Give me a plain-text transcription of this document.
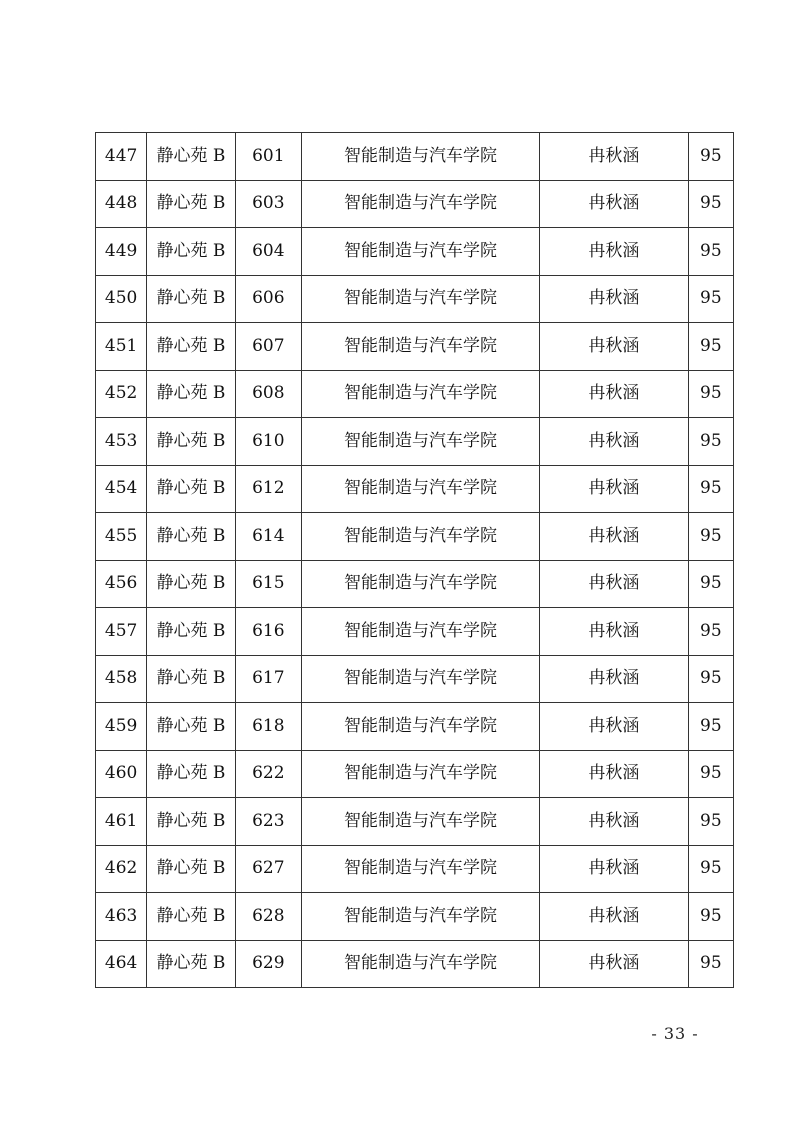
447	静心苑 B	601	智能制造与汽车学院	冉秋涵	95
448	静心苑 B	603	智能制造与汽车学院	冉秋涵	95
449	静心苑 B	604	智能制造与汽车学院	冉秋涵	95
450	静心苑 B	606	智能制造与汽车学院	冉秋涵	95
451	静心苑 B	607	智能制造与汽车学院	冉秋涵	95
452	静心苑 B	608	智能制造与汽车学院	冉秋涵	95
453	静心苑 B	610	智能制造与汽车学院	冉秋涵	95
454	静心苑 B	612	智能制造与汽车学院	冉秋涵	95
455	静心苑 B	614	智能制造与汽车学院	冉秋涵	95
456	静心苑 B	615	智能制造与汽车学院	冉秋涵	95
457	静心苑 B	616	智能制造与汽车学院	冉秋涵	95
458	静心苑 B	617	智能制造与汽车学院	冉秋涵	95
459	静心苑 B	618	智能制造与汽车学院	冉秋涵	95
460	静心苑 B	622	智能制造与汽车学院	冉秋涵	95
461	静心苑 B	623	智能制造与汽车学院	冉秋涵	95
462	静心苑 B	627	智能制造与汽车学院	冉秋涵	95
463	静心苑 B	628	智能制造与汽车学院	冉秋涵	95
464	静心苑 B	629	智能制造与汽车学院	冉秋涵	95
- 33 -
